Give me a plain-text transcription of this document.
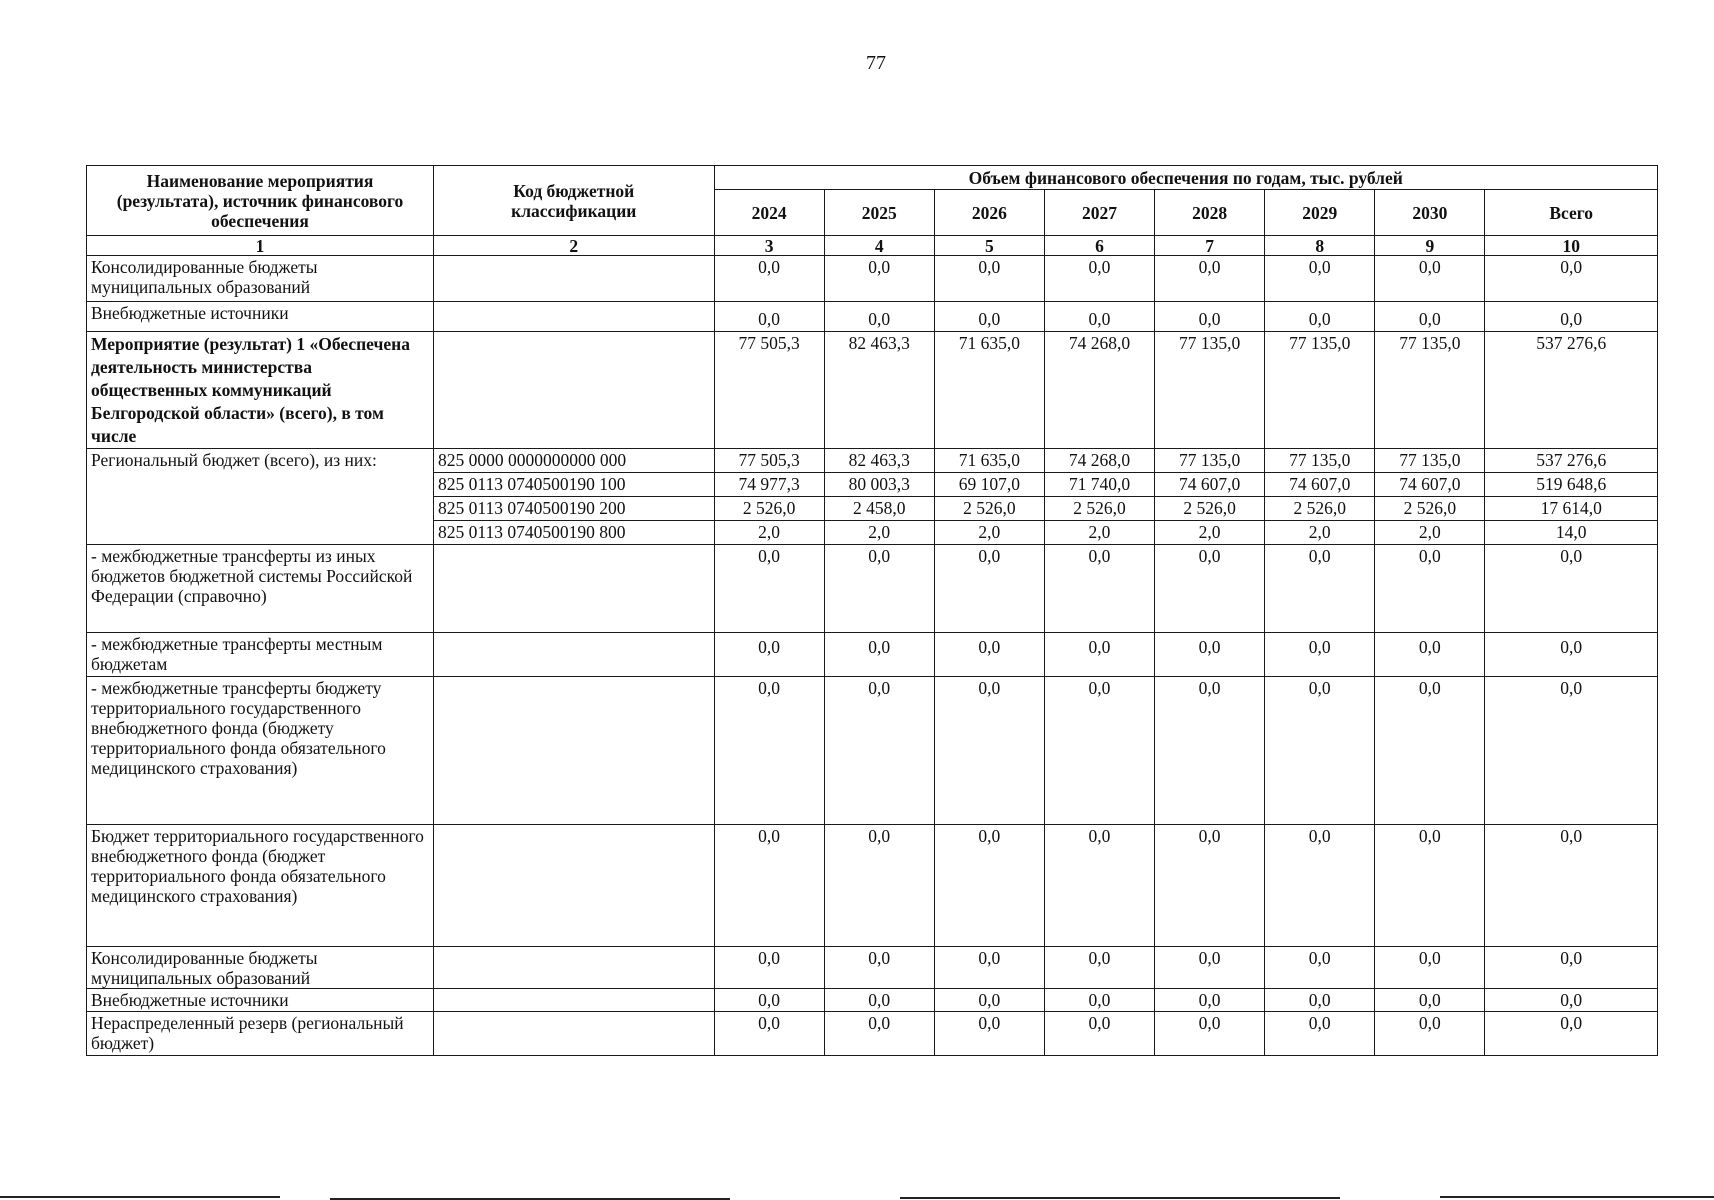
77
Наименование мероприятия (результата), источник финансового обеспечения	Код бюджетной классификации	Объем финансового обеспечения по годам, тыс. рублей							
		2024	2025	2026	2027	2028	2029	2030	Всего
1	2	3	4	5	6	7	8	9	10
Консолидированные бюджеты муниципальных образований		0,0	0,0	0,0	0,0	0,0	0,0	0,0	0,0
Внебюджетные источники		0,0	0,0	0,0	0,0	0,0	0,0	0,0	0,0
Мероприятие (результат) 1 «Обеспечена деятельность министерства общественных коммуникаций Белгородской области» (всего), в том числе		77 505,3	82 463,3	71 635,0	74 268,0	77 135,0	77 135,0	77 135,0	537 276,6
Региональный бюджет (всего), из них:	825 0000 0000000000 000	77 505,3	82 463,3	71 635,0	74 268,0	77 135,0	77 135,0	77 135,0	537 276,6
	825 0113 0740500190 100	74 977,3	80 003,3	69 107,0	71 740,0	74 607,0	74 607,0	74 607,0	519 648,6
	825 0113 0740500190 200	2 526,0	2 458,0	2 526,0	2 526,0	2 526,0	2 526,0	2 526,0	17 614,0
	825 0113 0740500190 800	2,0	2,0	2,0	2,0	2,0	2,0	2,0	14,0
- межбюджетные трансферты из иных бюджетов бюджетной системы Российской Федерации (справочно)		0,0	0,0	0,0	0,0	0,0	0,0	0,0	0,0
- межбюджетные трансферты местным бюджетам		0,0	0,0	0,0	0,0	0,0	0,0	0,0	0,0
- межбюджетные трансферты бюджету территориального государственного внебюджетного фонда (бюджету территориального фонда обязательного медицинского страхования)		0,0	0,0	0,0	0,0	0,0	0,0	0,0	0,0
Бюджет территориального государственного внебюджетного фонда (бюджет территориального фонда обязательного медицинского страхования)		0,0	0,0	0,0	0,0	0,0	0,0	0,0	0,0
Консолидированные бюджеты муниципальных образований		0,0	0,0	0,0	0,0	0,0	0,0	0,0	0,0
Внебюджетные источники		0,0	0,0	0,0	0,0	0,0	0,0	0,0	0,0
Нераспределенный резерв (региональный бюджет)		0,0	0,0	0,0	0,0	0,0	0,0	0,0	0,0
